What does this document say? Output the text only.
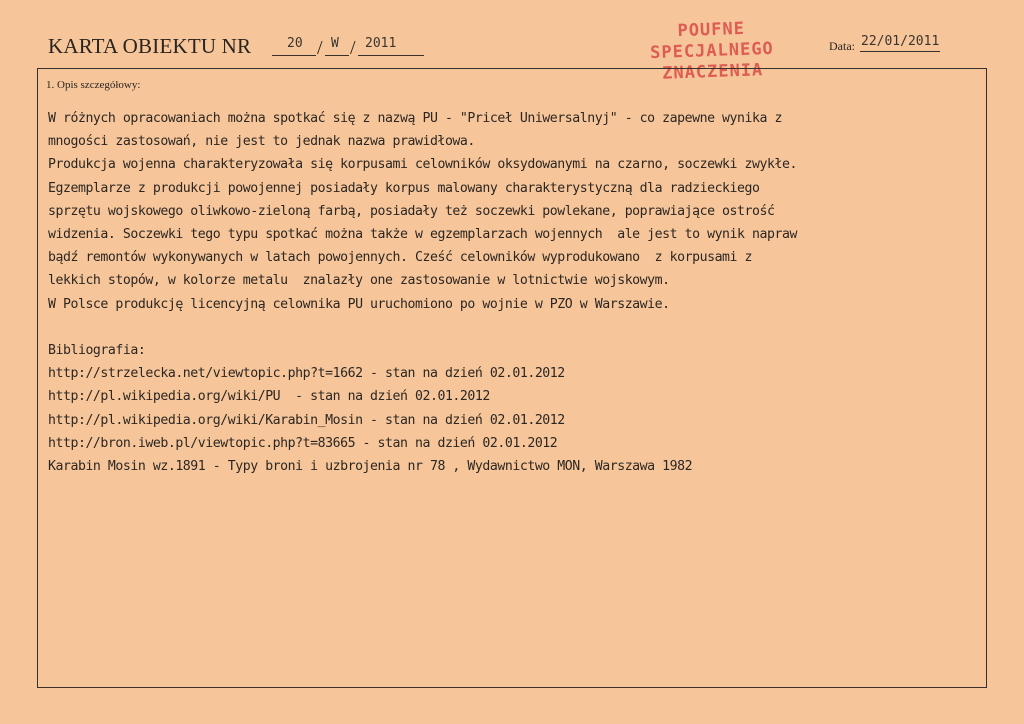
KARTA OBIEKTU NR	20 / W / 2011
POUFNE
SPECJALNEGO
ZNACZENIA
Data: 22/01/2011
1. Opis szczegółowy:
W różnych opracowaniach można spotkać się z nazwą PU - "Priceł Uniwersalnyj" - co zapewne wynika z
mnogości zastosowań, nie jest to jednak nazwa prawidłowa.
Produkcja wojenna charakteryzowała się korpusami celowników oksydowanymi na czarno, soczewki zwykłe.
Egzemplarze z produkcji powojennej posiadały korpus malowany charakterystyczną dla radzieckiego
sprzętu wojskowego oliwkowo-zieloną farbą, posiadały też soczewki powlekane, poprawiające ostrość
widzenia. Soczewki tego typu spotkać można także w egzemplarzach wojennych  ale jest to wynik napraw
bądź remontów wykonywanych w latach powojennych. Cześć celowników wyprodukowano  z korpusami z
lekkich stopów, w kolorze metalu  znalazły one zastosowanie w lotnictwie wojskowym.
W Polsce produkcję licencyjną celownika PU uruchomiono po wojnie w PZO w Warszawie.
Bibliografia:
http://strzelecka.net/viewtopic.php?t=1662 - stan na dzień 02.01.2012
http://pl.wikipedia.org/wiki/PU  - stan na dzień 02.01.2012
http://pl.wikipedia.org/wiki/Karabin_Mosin - stan na dzień 02.01.2012
http://bron.iweb.pl/viewtopic.php?t=83665 - stan na dzień 02.01.2012
Karabin Mosin wz.1891 - Typy broni i uzbrojenia nr 78 , Wydawnictwo MON, Warszawa 1982
